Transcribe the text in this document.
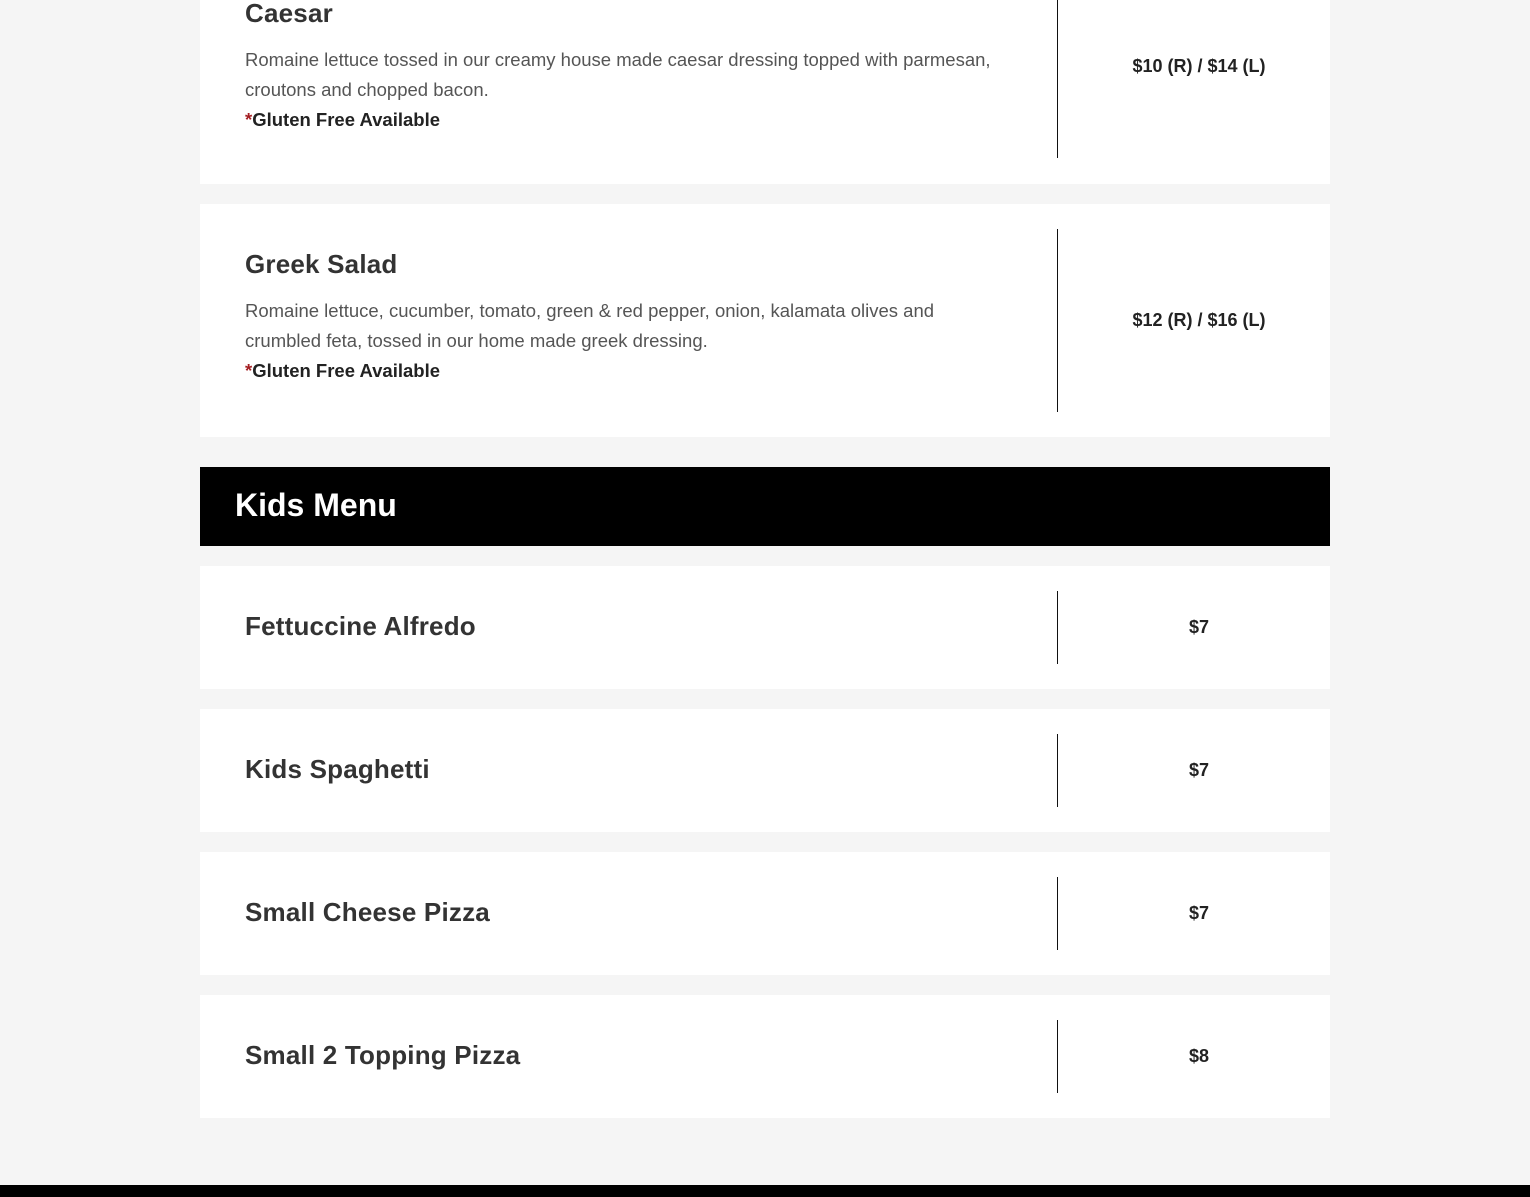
Caesar
Romaine lettuce tossed in our creamy house made caesar dressing topped with parmesan, croutons and chopped bacon.
*Gluten Free Available
$10 (R) / $14 (L)
Greek Salad
Romaine lettuce, cucumber, tomato, green & red pepper, onion, kalamata olives and crumbled feta, tossed in our home made greek dressing.
*Gluten Free Available
$12 (R) / $16 (L)
Kids Menu
Fettuccine Alfredo	$7
Kids Spaghetti	$7
Small Cheese Pizza	$7
Small 2 Topping Pizza	$8
